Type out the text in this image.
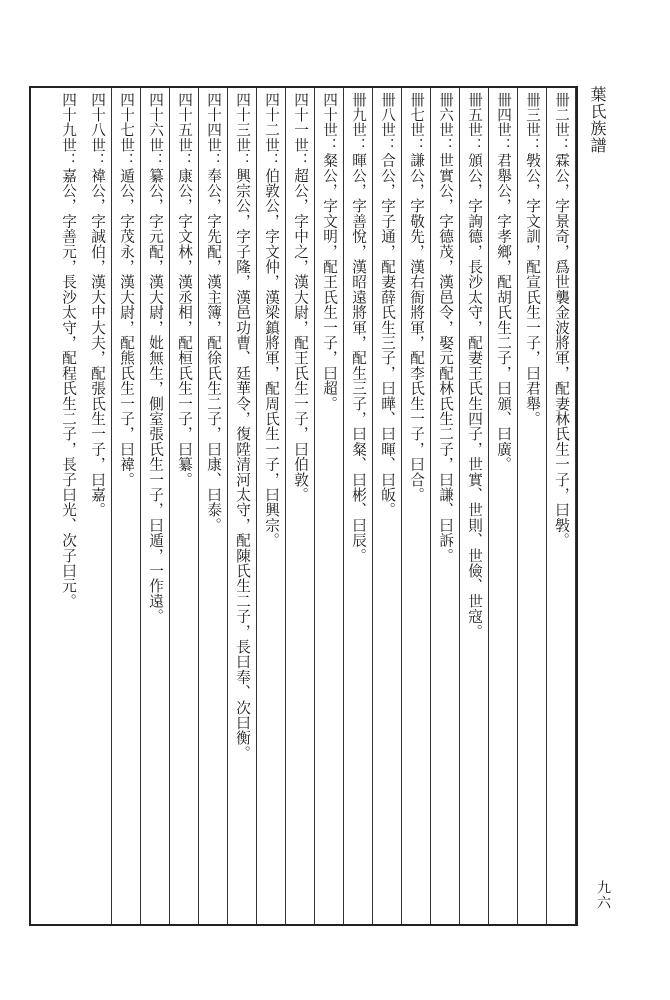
卌二世：霖公，字景奇，爲世襲金波將軍，配妻林氏生一子，曰斅。
卌三世：斅公，字文訓，配宣氏生一子，曰君舉。
卌四世：君舉公，字孝鄉，配胡氏生二子，曰頒、曰廣。
卌五世：頒公，字詢德，長沙太守，配妻王氏生四子，世實、世則、世儉、世寇。
卌六世：世實公，字德茂，漢邑令，娶元配林氏生二子，曰謙、曰訴。
卌七世：謙公，字敬先，漢右衙將軍，配李氏生一子，曰合。
卌八世：合公，字子通，配妻薛氏生三子，曰曄、曰暉、曰皈。
卌九世：暉公，字善悅，漢昭遠將軍，配生三子，曰粲、曰彬、曰辰。
四十世：粲公，字文明，配王氏生一子，曰超。
四十一世：超公，字中之，漢大尉，配王氏生一子，曰伯敦。
四十二世：伯敦公，字文仲，漢梁鎮將軍，配周氏生一子，曰興宗。
四十三世：興宗公，字子隆，漢邑功曹、廷華令，復陞清河太守，配陳氏生二子，長曰奉、次曰衡。
四十四世：奉公，字先配，漢主簿，配徐氏生二子，曰康、曰泰。
四十五世：康公，字文林，漢丞相，配桓氏生一子，曰纂。
四十六世：纂公，字元配，漢大尉，妣無生，側室張氏生一子，曰遁，一作遠。
四十七世：遁公，字茂永，漢大尉，配熊氏生一子，曰褘。
四十八世：褘公，字誠伯，漢大中大夫，配張氏生一子，曰嘉。
四十九世：嘉公，字善元，長沙太守，配程氏生二子，長子曰光、次子曰元。	葉氏族譜
九六
